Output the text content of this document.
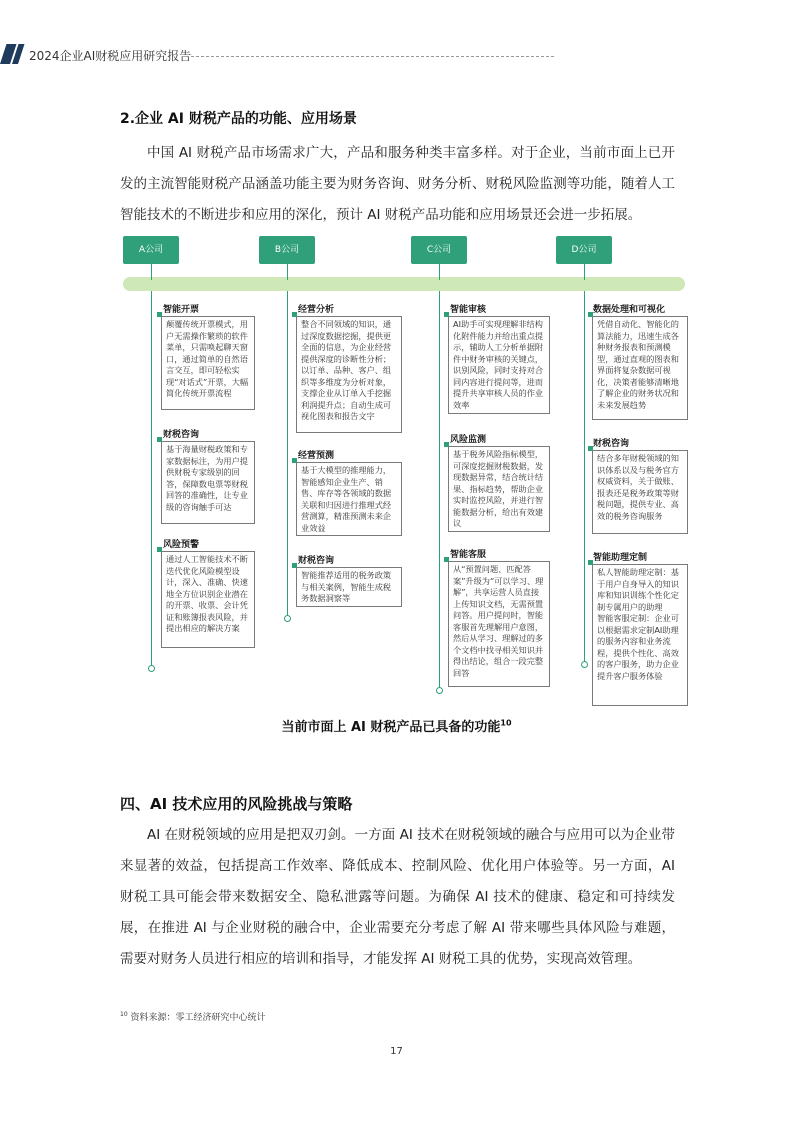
2024企业AI财税应用研究报告
2.企业 AI 财税产品的功能、应用场景

中国 AI 财税产品市场需求广大，产品和服务种类丰富多样。对于企业，当前市面上已开发的主流智能财税产品涵盖功能主要为财务咨询、财务分析、财税风险监测等功能，随着人工智能技术的不断进步和应用的深化，预计 AI 财税产品功能和应用场景还会进一步拓展。

A公司	B公司	C公司	D公司
智能开票
颠覆传统开票模式，用户无需操作繁琐的软件菜单，只需唤起聊天窗口，通过简单的自然语言交互，即可轻松实现“对话式”开票，大幅简化传统开票流程
财税咨询
基于海量财税政策和专家数据标注，为用户提供财税专家级别的回答，保障数电票等财税回答的准确性，让专业级的咨询触手可达
风险预警
通过人工智能技术不断迭代优化风险模型设计，深入、准确、快速地全方位识别企业潜在的开票、收票、会计凭证和账簿报表风险，并提出相应的解决方案
经营分析
整合不同领域的知识，通过深度数据挖掘，提供更全面的信息，为企业经营提供深度的诊断性分析；以订单、品种、客户、组织等多维度为分析对象，支撑企业从订单入手挖掘利润提升点；自动生成可视化图表和报告文字
经营预测
基于大模型的推理能力，智能感知企业生产、销售、库存等各领域的数据关联和归因进行推理式经营测算，精准预测未来企业效益
财税咨询
智能推荐适用的税务政策与相关案例，智能生成税务数据洞察等
智能审核
AI助手可实现理解非结构化附件能力并给出重点提示，辅助人工分析单据附件中财务审核的关键点，识别风险，同时支持对合同内容进行提问等，进而提升共享审核人员的作业效率
风险监测
基于税务风险指标模型，可深度挖掘财税数据，发现数据异常，结合统计结果、指标趋势，帮助企业实时监控风险，并进行智能数据分析，给出有效建议
智能客服
从“预置问题、匹配答案”升级为“可以学习、理解”，共享运营人员直接上传知识文档，无需预置问答。用户提问时，智能客服首先理解用户意图，然后从学习、理解过的多个文档中找寻相关知识并得出结论，组合一段完整回答
数据处理和可视化
凭借自动化、智能化的算法能力，迅速生成各种财务报表和预测模型，通过直观的图表和界面将复杂数据可视化，决策者能够清晰地了解企业的财务状况和未来发展趋势
财税咨询
结合多年财税领域的知识体系以及与税务官方权威资料，关于做账、报表还是税务政策等财税问题，提供专业、高效的税务咨询服务
智能助理定制
私人智能助理定制：基于用户自身导入的知识库和知识训练个性化定制专属用户的助理
智能客服定制：企业可以根据需求定制AI助理的服务内容和业务流程，提供个性化、高效的客户服务，助力企业提升客户服务体验
当前市面上 AI 财税产品已具备的功能$^{10}$
四、AI 技术应用的风险挑战与策略

AI 在财税领域的应用是把双刃剑。一方面 AI 技术在财税领域的融合与应用可以为企业带来显著的效益，包括提高工作效率、降低成本、控制风险、优化用户体验等。另一方面，AI 财税工具可能会带来数据安全、隐私泄露等问题。为确保 AI 技术的健康、稳定和可持续发展，在推进 AI 与企业财税的融合中，企业需要充分考虑了解 AI 带来哪些具体风险与难题，需要对财务人员进行相应的培训和指导，才能发挥 AI 财税工具的优势，实现高效管理。

$^{10}$ 资料来源：零工经济研究中心统计
17
